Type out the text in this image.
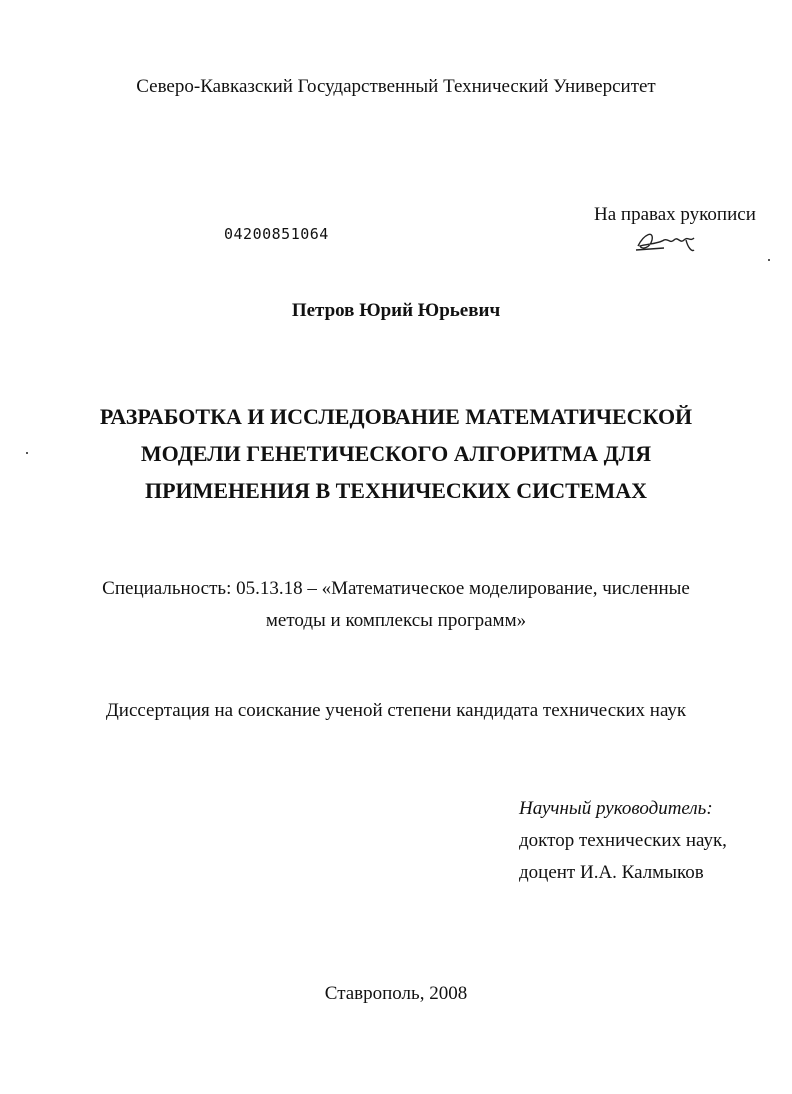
Северо-Кавказский Государственный Технический Университет
04200851064
На правах рукописи
Петров Юрий Юрьевич
РАЗРАБОТКА И ИССЛЕДОВАНИЕ МАТЕМАТИЧЕСКОЙ
МОДЕЛИ ГЕНЕТИЧЕСКОГО АЛГОРИТМА ДЛЯ
ПРИМЕНЕНИЯ В ТЕХНИЧЕСКИХ СИСТЕМАХ
Специальность: 05.13.18 – «Математическое моделирование, численные
методы и комплексы программ»
Диссертация на соискание ученой степени кандидата технических наук
Научный руководитель:
доктор технических наук,
доцент И.А. Калмыков
Ставрополь, 2008
